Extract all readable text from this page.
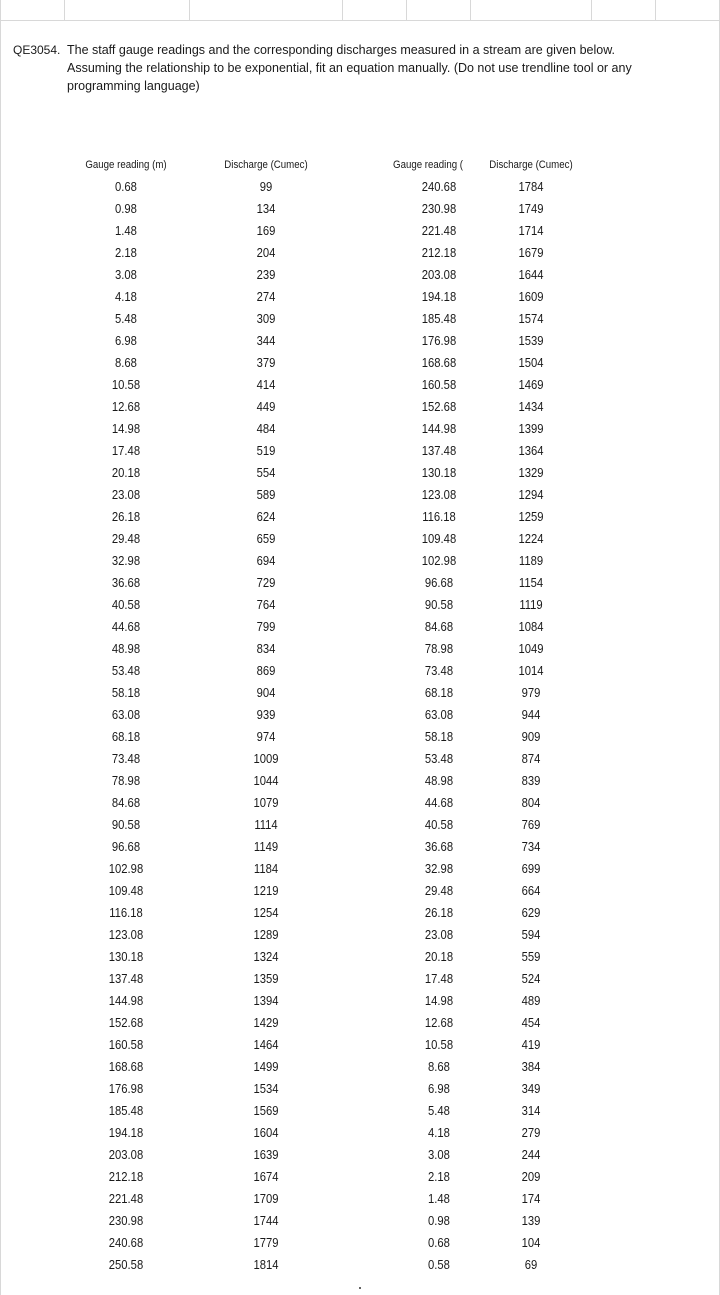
QE3054. The staff gauge readings and the corresponding discharges measured in a stream are given below.

Assuming the relationship to be exponential, fit an equation manually. (Do not use trendline tool or any

programming language)

Gauge reading (m)
0.68
0.98
1.48
2.18
3.08
4.18
5.48
6.98
8.68
10.58
12.68
14.98
17.48
20.18
23.08
26.18
29.48
32.98
36.68
40.58
44.68
48.98
53.48
58.18
63.08
68.18
73.48
78.98
84.68
90.58
96.68
102.98
109.48
116.18
123.08
130.18
137.48
144.98
152.68
160.58
168.68
176.98
185.48
194.18
203.08
212.18
221.48
230.98
240.68
250.58
Discharge (Cumec)
99
134
169
204
239
274
309
344
379
414
449
484
519
554
589
624
659
694
729
764
799
834
869
904
939
974
1009
1044
1079
1114
1149
1184
1219
1254
1289
1324
1359
1394
1429
1464
1499
1534
1569
1604
1639
1674
1709
1744
1779
1814
Gauge reading (
240.68
230.98
221.48
212.18
203.08
194.18
185.48
176.98
168.68
160.58
152.68
144.98
137.48
130.18
123.08
116.18
109.48
102.98
96.68
90.58
84.68
78.98
73.48
68.18
63.08
58.18
53.48
48.98
44.68
40.58
36.68
32.98
29.48
26.18
23.08
20.18
17.48
14.98
12.68
10.58
8.68
6.98
5.48
4.18
3.08
2.18
1.48
0.98
0.68
0.58
Discharge (Cumec)
1784
1749
1714
1679
1644
1609
1574
1539
1504
1469
1434
1399
1364
1329
1294
1259
1224
1189
1154
1119
1084
1049
1014
979
944
909
874
839
804
769
734
699
664
629
594
559
524
489
454
419
384
349
314
279
244
209
174
139
104
69
